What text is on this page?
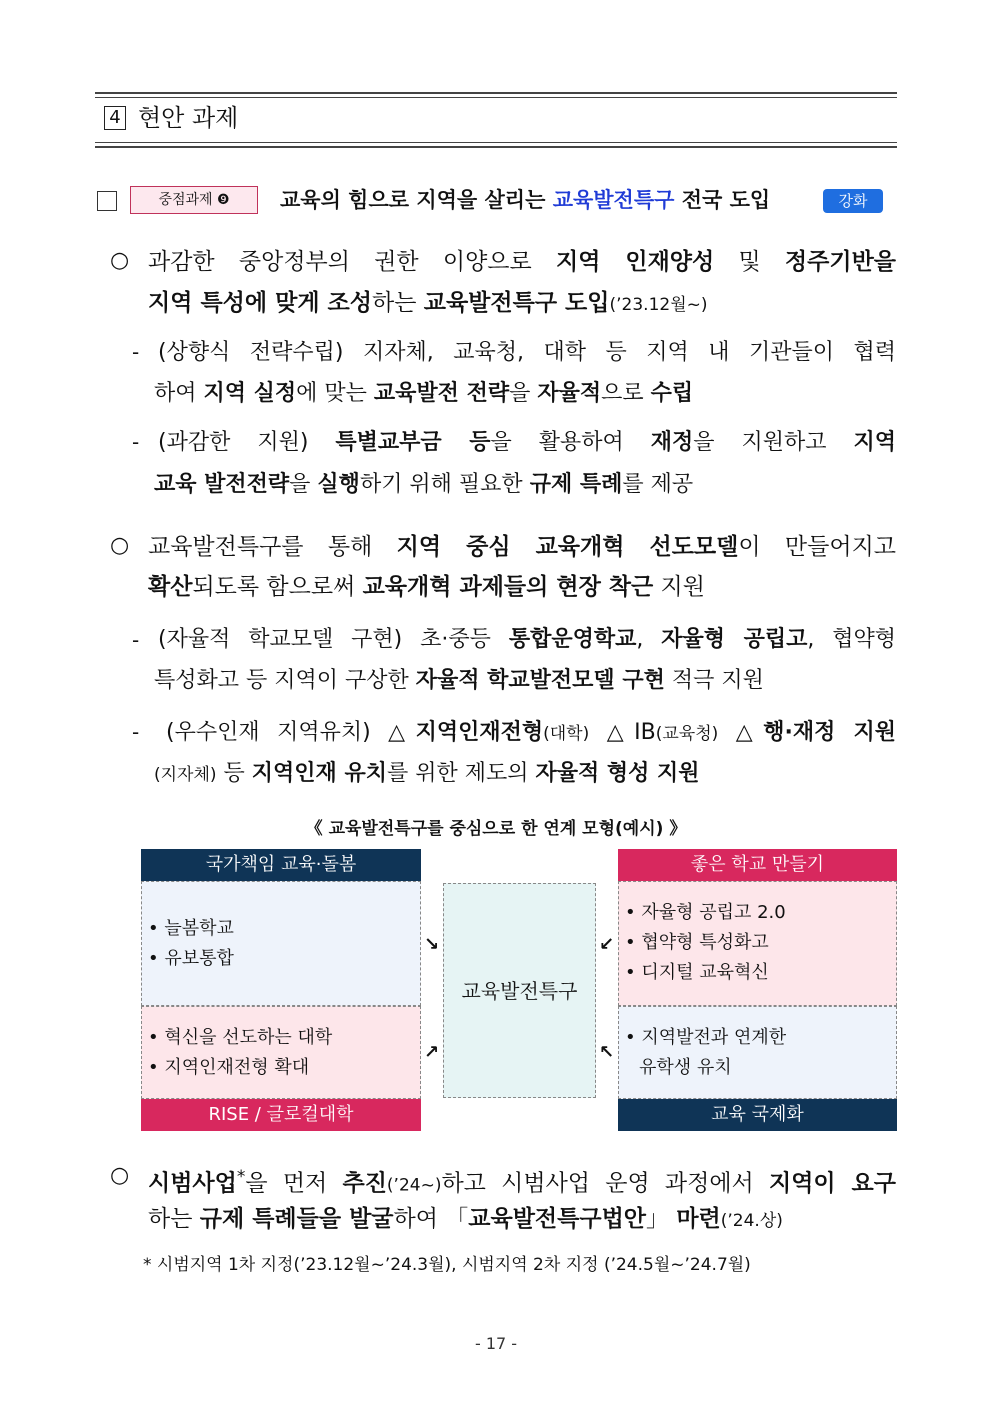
4 현안 과제
중점과제 ❾	교육의 힘으로 지역을 살리는 교육발전특구 전국 도입	강화
○ 과감한 중앙정부의 권한 이양으로 지역 인재양성 및 정주기반을
지역 특성에 맞게 조성하는 교육발전특구 도입(’23.12월~)
- (상향식 전략수립) 지자체, 교육청, 대학 등 지역 내 기관들이 협력
하여 지역 실정에 맞는 교육발전 전략을 자율적으로 수립
- (과감한 지원) 특별교부금 등을 활용하여 재정을 지원하고 지역
교육 발전전략을 실행하기 위해 필요한 규제 특례를 제공
○ 교육발전특구를 통해 지역 중심 교육개혁 선도모델이 만들어지고
확산되도록 함으로써 교육개혁 과제들의 현장 착근 지원
- (자율적 학교모델 구현) 초·중등 통합운영학교, 자율형 공립고, 협약형
특성화고 등 지역이 구상한 자율적 학교발전모델 구현 적극 지원
- (우수인재 지역유치) △지역인재전형(대학) △IB(교육청) △행·재정 지원
(지자체) 등 지역인재 유치를 위한 제도의 자율적 형성 지원
《 교육발전특구를 중심으로 한 연계 모형(예시) 》
국가책임 교육·돌봄
• 늘봄학교
• 유보통합
• 혁신을 선도하는 대학
• 지역인재전형 확대
RISE / 글로컬대학
교육발전특구
↘
↗
↙
↖
좋은 학교 만들기
• 자율형 공립고 2.0
• 협약형 특성화고
• 디지털 교육혁신
• 지역발전과 연계한
유학생 유치
교육 국제화
○ 시범사업*을 먼저 추진(’24~)하고 시범사업 운영 과정에서 지역이 요구
하는 규제 특례들을 발굴하여 「교육발전특구법안」 마련(’24.상)
* 시범지역 1차 지정(’23.12월~’24.3월), 시범지역 2차 지정 (’24.5월~’24.7월)
- 17 -
